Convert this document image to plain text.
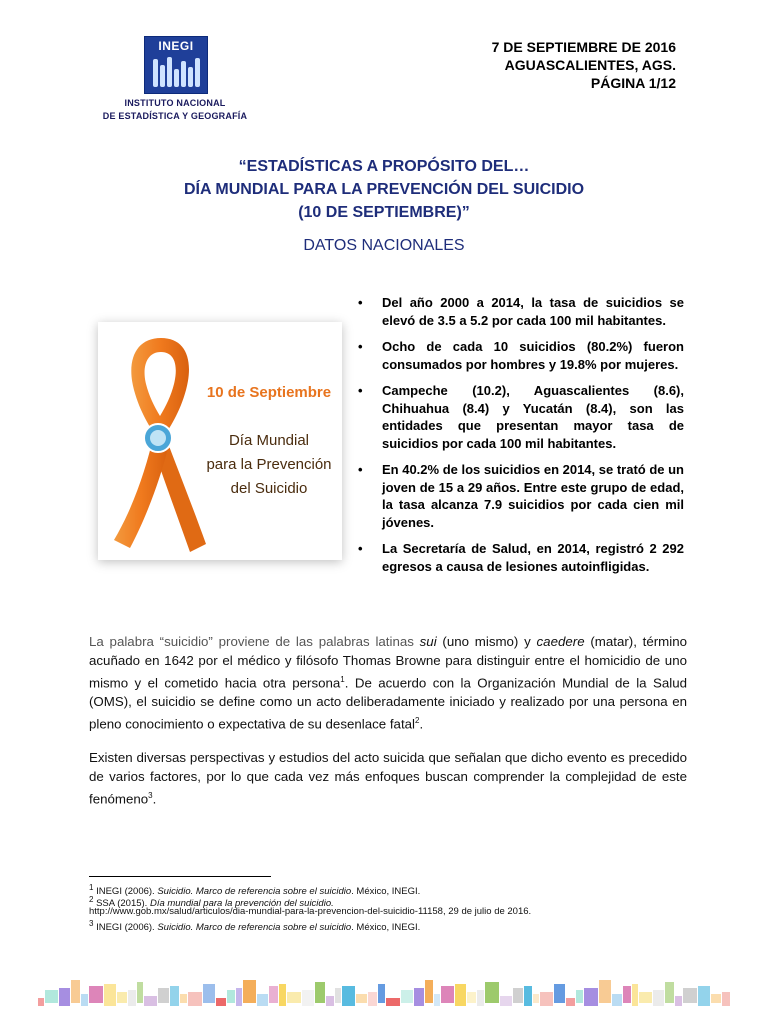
INEGI
INSTITUTO NACIONAL
DE ESTADÍSTICA Y GEOGRAFÍA
7 DE SEPTIEMBRE DE 2016
AGUASCALIENTES, AGS.
PÁGINA 1/12
“ESTADÍSTICAS A PROPÓSITO DEL…
DÍA MUNDIAL PARA LA PREVENCIÓN DEL SUICIDIO
(10 DE SEPTIEMBRE)”
DATOS NACIONALES
10 de Septiembre
Día Mundial
para la Prevención
del Suicidio
• Del año 2000 a 2014, la tasa de suicidios se elevó de 3.5 a 5.2 por cada 100 mil habitantes.
• Ocho de cada 10 suicidios (80.2%) fueron consumados por hombres y 19.8% por mujeres.
• Campeche (10.2), Aguascalientes (8.6), Chihuahua (8.4) y Yucatán (8.4), son las entidades que presentan mayor tasa de suicidios por cada 100 mil habitantes.
• En 40.2% de los suicidios en 2014, se trató de un joven de 15 a 29 años. Entre este grupo de edad, la tasa alcanza 7.9 suicidios por cada cien mil jóvenes.
• La Secretaría de Salud, en 2014, registró 2 292 egresos a causa de lesiones autoinfligidas.
La palabra “suicidio” proviene de las palabras latinas sui (uno mismo) y caedere (matar), término acuñado en 1642 por el médico y filósofo Thomas Browne para distinguir entre el homicidio de uno mismo y el cometido hacia otra persona$^1$. De acuerdo con la Organización Mundial de la Salud (OMS), el suicidio se define como un acto deliberadamente iniciado y realizado por una persona en pleno conocimiento o expectativa de su desenlace fatal$^2$.
Existen diversas perspectivas y estudios del acto suicida que señalan que dicho evento es precedido de varios factores, por lo que cada vez más enfoques buscan comprender la complejidad de este fenómeno$^3$.
$^1$ INEGI (2006). Suicidio. Marco de referencia sobre el suicidio. México, INEGI.
$^2$ SSA (2015). Día mundial para la prevención del suicidio.
http://www.gob.mx/salud/articulos/dia-mundial-para-la-prevencion-del-suicidio-11158, 29 de julio de 2016.
$^3$ INEGI (2006). Suicidio. Marco de referencia sobre el suicidio. México, INEGI.
